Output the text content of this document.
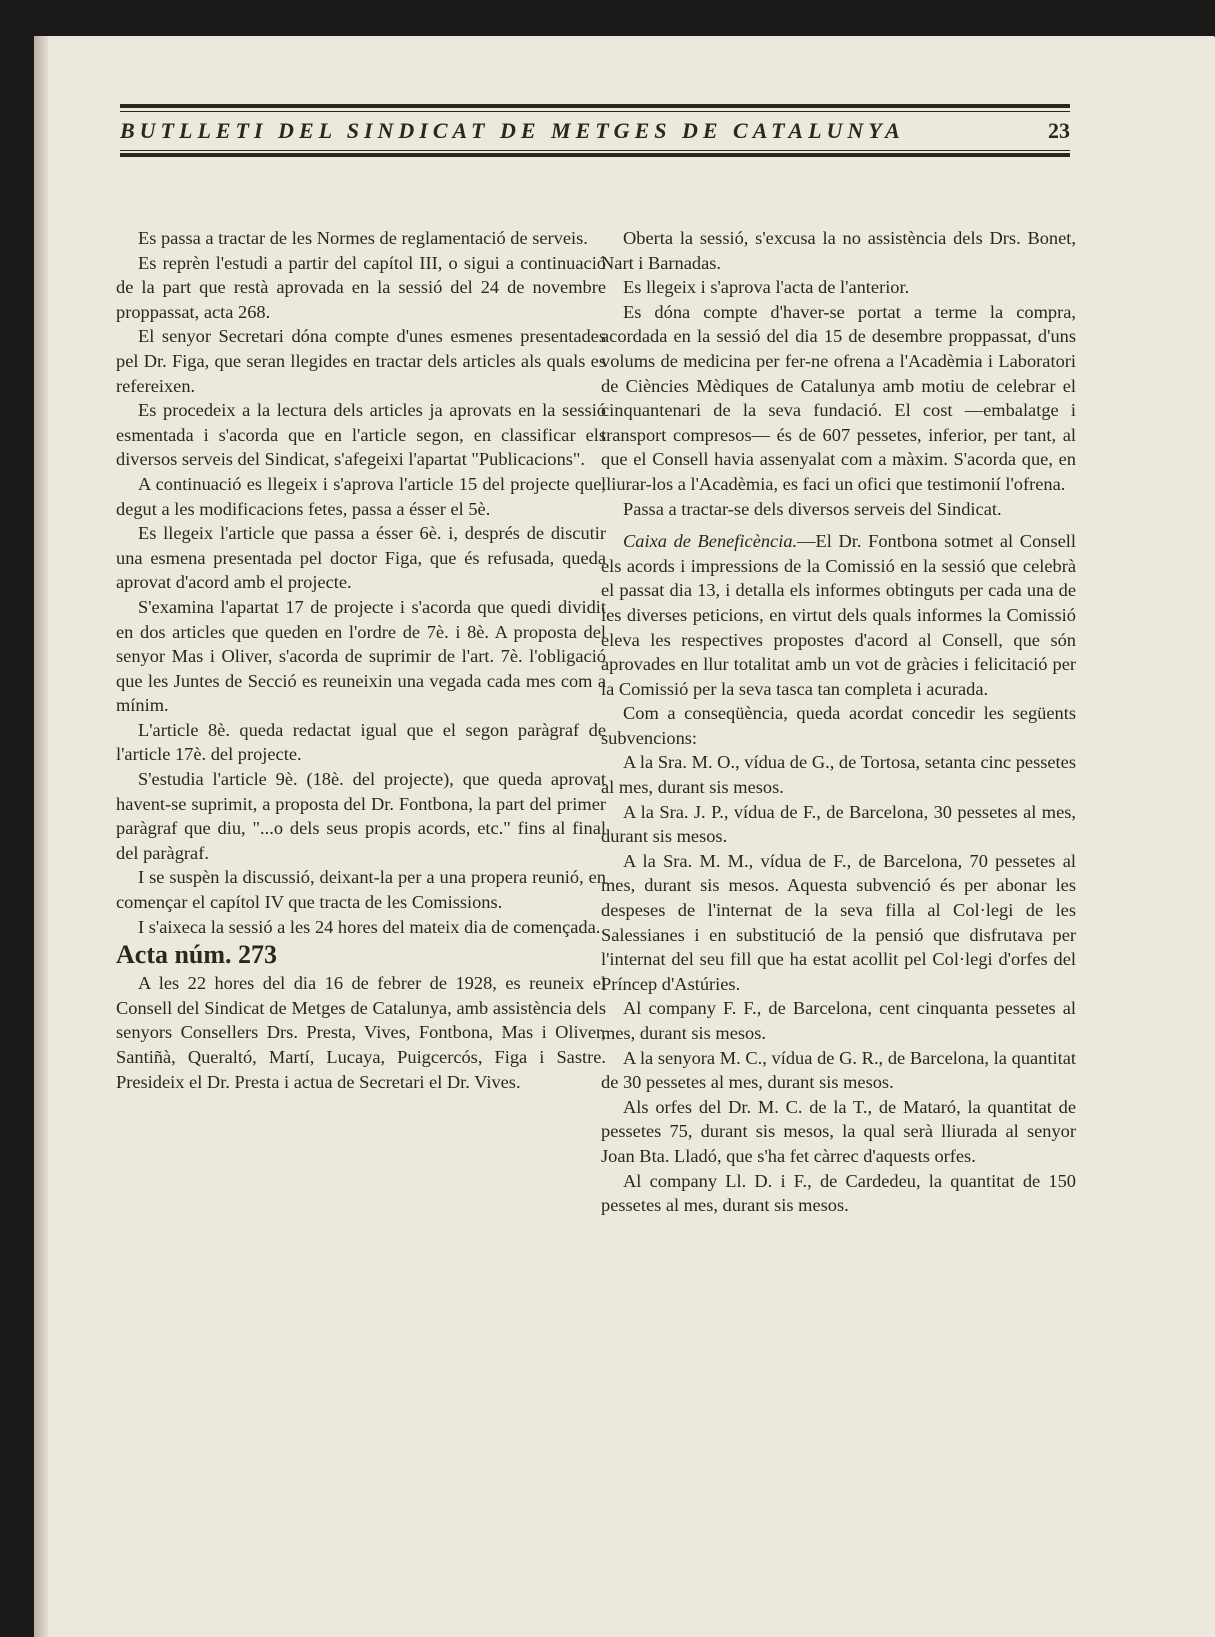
BUTLLETI DEL SINDICAT DE METGES DE CATALUNYA	23

Es passa a tractar de les Normes de reglamentació de serveis.

Es reprèn l'estudi a partir del capítol III, o sigui a continuació de la part que restà aprovada en la sessió del 24 de novembre proppassat, acta 268.

El senyor Secretari dóna compte d'unes esmenes presentades pel Dr. Figa, que seran llegides en tractar dels articles als quals es refereixen.

Es procedeix a la lectura dels articles ja aprovats en la sessió esmentada i s'acorda que en l'article segon, en classificar els diversos serveis del Sindicat, s'afegeixi l'apartat "Publicacions".

A continuació es llegeix i s'aprova l'article 15 del projecte que, degut a les modificacions fetes, passa a ésser el 5è.

Es llegeix l'article que passa a ésser 6è. i, després de discutir una esmena presentada pel doctor Figa, que és refusada, queda aprovat d'acord amb el projecte.

S'examina l'apartat 17 de projecte i s'acorda que quedi dividit en dos articles que queden en l'ordre de 7è. i 8è. A proposta del senyor Mas i Oliver, s'acorda de suprimir de l'art. 7è. l'obligació que les Juntes de Secció es reuneixin una vegada cada mes com a mínim.

L'article 8è. queda redactat igual que el segon paràgraf de l'article 17è. del projecte.

S'estudia l'article 9è. (18è. del projecte), que queda aprovat havent-se suprimit, a proposta del Dr. Fontbona, la part del primer paràgraf que diu, "...o dels seus propis acords, etc." fins al final del paràgraf.

I se suspèn la discussió, deixant-la per a una propera reunió, en començar el capítol IV que tracta de les Comissions.

I s'aixeca la sessió a les 24 hores del mateix dia de començada.

Acta núm. 273

A les 22 hores del dia 16 de febrer de 1928, es reuneix el Consell del Sindicat de Metges de Catalunya, amb assistència dels senyors Consellers Drs. Presta, Vives, Fontbona, Mas i Oliver, Santiñà, Queraltó, Martí, Lucaya, Puigcercós, Figa i Sastre. Presideix el Dr. Presta i actua de Secretari el Dr. Vives.

Oberta la sessió, s'excusa la no assistència dels Drs. Bonet, Nart i Barnadas.

Es llegeix i s'aprova l'acta de l'anterior.

Es dóna compte d'haver-se portat a terme la compra, acordada en la sessió del dia 15 de desembre proppassat, d'uns volums de medicina per fer-ne ofrena a l'Acadèmia i Laboratori de Ciències Mèdiques de Catalunya amb motiu de celebrar el cinquantenari de la seva fundació. El cost —embalatge i transport compresos— és de 607 pessetes, inferior, per tant, al que el Consell havia assenyalat com a màxim. S'acorda que, en lliurar-los a l'Acadèmia, es faci un ofici que testimonií l'ofrena.

Passa a tractar-se dels diversos serveis del Sindicat.

Caixa de Beneficència.—El Dr. Fontbona sotmet al Consell els acords i impressions de la Comissió en la sessió que celebrà el passat dia 13, i detalla els informes obtinguts per cada una de les diverses peticions, en virtut dels quals informes la Comissió eleva les respectives propostes d'acord al Consell, que són aprovades en llur totalitat amb un vot de gràcies i felicitació per la Comissió per la seva tasca tan completa i acurada.

Com a conseqüència, queda acordat concedir les següents subvencions:

A la Sra. M. O., vídua de G., de Tortosa, setanta cinc pessetes al mes, durant sis mesos.

A la Sra. J. P., vídua de F., de Barcelona, 30 pessetes al mes, durant sis mesos.

A la Sra. M. M., vídua de F., de Barcelona, 70 pessetes al mes, durant sis mesos. Aquesta subvenció és per abonar les despeses de l'internat de la seva filla al Col·legi de les Salessianes i en substitució de la pensió que disfrutava per l'internat del seu fill que ha estat acollit pel Col·legi d'orfes del Príncep d'Astúries.

Al company F. F., de Barcelona, cent cinquanta pessetes al mes, durant sis mesos.

A la senyora M. C., vídua de G. R., de Barcelona, la quantitat de 30 pessetes al mes, durant sis mesos.

Als orfes del Dr. M. C. de la T., de Mataró, la quantitat de pessetes 75, durant sis mesos, la qual serà lliurada al senyor Joan Bta. Lladó, que s'ha fet càrrec d'aquests orfes.

Al company Ll. D. i F., de Cardedeu, la quantitat de 150 pessetes al mes, durant sis mesos.
